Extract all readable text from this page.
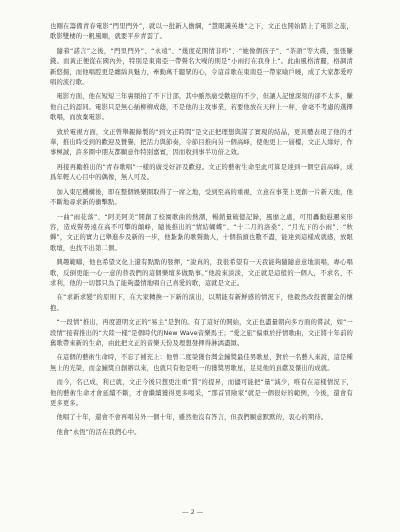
也剛在籌備青春電影“門里門外”，就以一批新人擔綱，“慧眼識英雄”之下，文正也開始踏上了電影之旅，歌影雙棲的一帆風順，就要平步青雲了。

　隨着“諾言”之後，“門里門外”、“永遠”、“幾度花開情非昨”、“她像個孩子”、“茶語”等大碟，張張賺錢。而黃正便從在國內外，特別是東南亞一帶聲名大噪的則是“小雨打在我身上”。此曲風格清麗，格調清新悠揚，而他唱腔更是纏綿具魅力，牽動萬千聽眾的心，令這首歌在東南亞一帶家喻戶曉，成了大家都愛哼唱的流行歌。

　電影方面，他在短短三年裏頻拍了不下廿部，其中雖然廣受歡迎的不少，但讓人記憶深刻的卻不太多，賺他自己的認同。電影只是無心插柳柳成蔭，不是他的主攻事業，若要他放在天秤上一秤，會毫不考慮的選擇歌唱，而放棄電影。

　致於電視方面，文正曾舉親錄製的“到文正時間”是文正把理想與謀了實現的結晶，更具體表現了他的才華，推出時受到的歡迎及贊譽，把活力與節奏，令節目推向另一個高峰，使他更上一層樓，文正人緣好，作事極誠，許多圈中朋友都願意作特別嘉賓，因而收到事半功倍之效。

　再接再勵推出的“青春歌唱”一樣的廣受好評及歡迎。文正的藝術生命至此可算是達到一個空前高峰，成爲年輕人心目中的偶像，無人可及。

　加入東尼機構後，即在整個娛樂圈取得了一席之地，受到至高的重視，立意在事業上更創一片新天地，他不斷地尋求新的衝擊點。

　一曲“雨花落”、“阿美阿美”開創了校園歌曲的熱潮，暢銷量破億記錄，風靡之處，可用轟動遐邇來形容，造成聲勢遠在高不可攀的顛峰，隨後推出的“情結蝴蝶”、“十二月的洛桑”、“月光下的小雨”、“秋蟬”，文正的實力已舉進步及新的一步，他紮紮的歌聲動人，十個指頭也數不盡，能達到這樣成就感，放眼歌壇，也找不出第二個。

　興趣範疇，他也希望文化上還有點點的發揮，“說真的，我很希望有一天我能夠隨隨意意地演唱，專心唱歌，反倒更能一心一意的替我們的這個樂壇多做點事。”他說來淡淡，文正就是這般的一個人，不求名，不求利，他的一切都只為了能夠盡情地唱自己喜愛的歌，這就是文正。

　在“求新求變”的原則下，在大家轉換一下新的演出，以期能有新鮮感的情況下，他毅然改投寶麗金的懷抱。

　“一段情”推出，再度證明文正的“易主”是對的。有了這好的開始，文正也盡量朝向多方面的嘗試，如“一段情”接着推出的“大陸一樣”是個時代的New Wave音樂馬王；“愛之旅”偏重於抒情歌曲，文正將十年前的舊歌帶來新的生命，由此把文正的音樂天份及理想發揮得淋漓盡緻。

　在這個的藝術生命時，不忘了補充上：他曾二度榮獲台灣金鐘獎最佳男歌星，對於一名藝人來說，這是種無上的光榮，而金鐘獎自創辦以來，也就只有他是唯一的獲獎男歌星，足見他的貢獻及傑出的成就。

　而今，名已成，利已就，文正今後只想更注重“質”的提昇，而儘可能把“量”減少，唯有在這樣情況下，他的藝術生命才會延續不斷，才會繼續獲得更多喝采，“那首冒險家”就是一個很好的範例，今後，還會有更多更多。

　他唱了十年，還會不會再唱另外一個十年，雖然他沒有答言，但我們願意默默的，衷心的期待。

　他會“永恆”的活在我們心中。

— 2 —
